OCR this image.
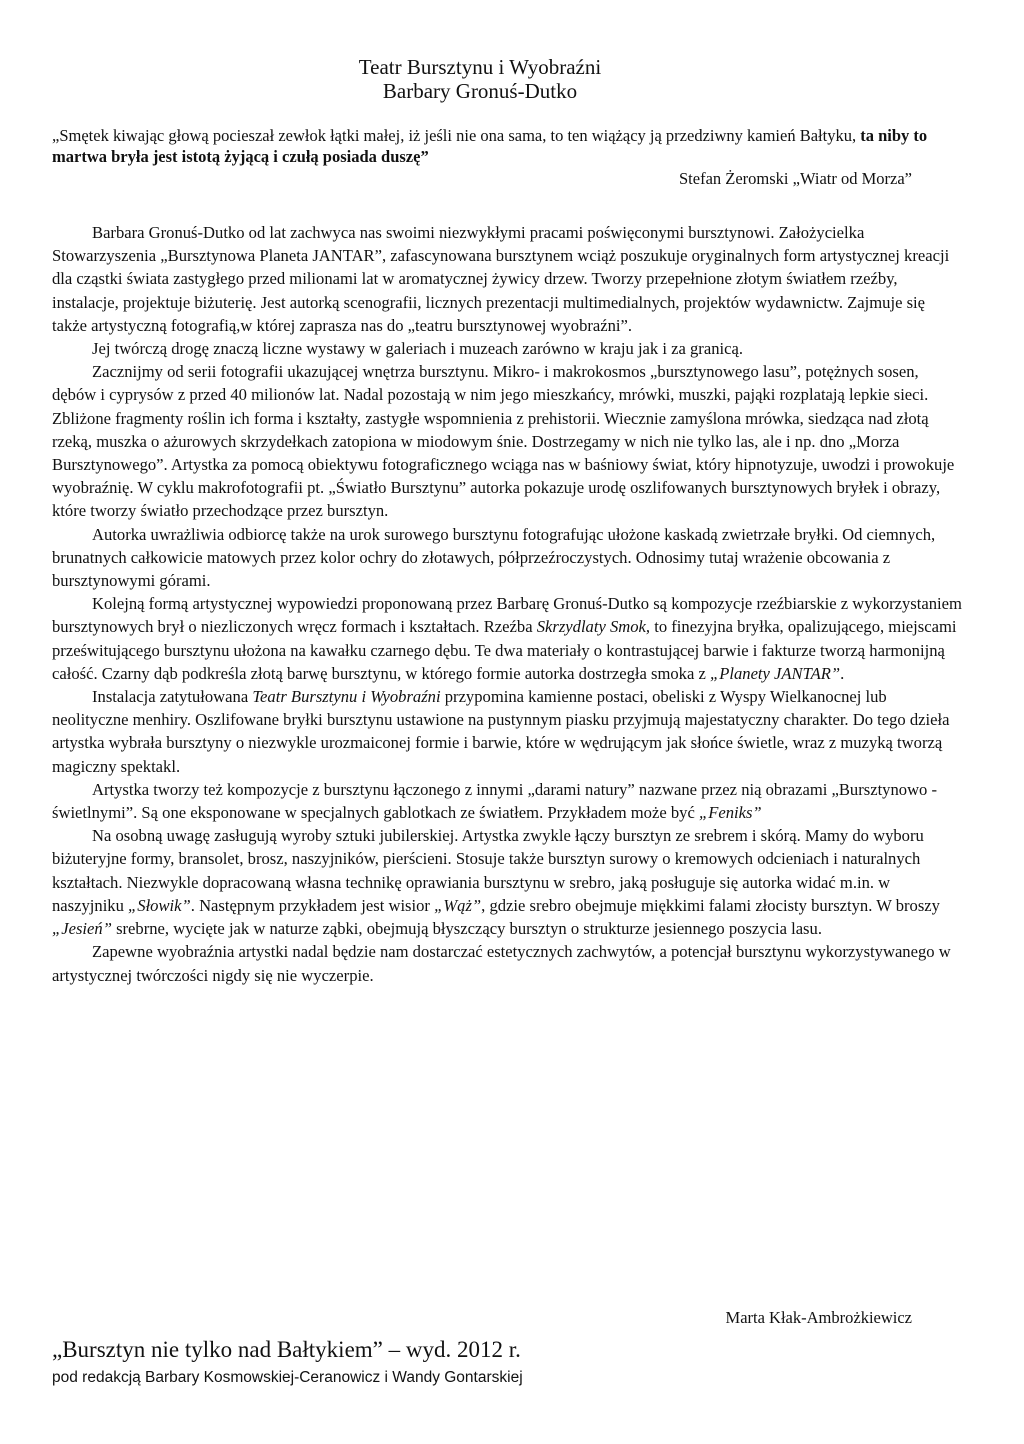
Teatr Bursztynu i Wyobraźni
Barbary Gronuś-Dutko
„Smętek kiwając głową pocieszał zewłok łątki małej, iż jeśli nie ona sama, to ten wiążący ją przedziwny kamień Bałtyku, ta niby to martwa bryła jest istotą żyjącą i czułą posiada duszę”
Stefan Żeromski „Wiatr od Morza”

Barbara Gronuś-Dutko od lat zachwyca nas swoimi niezwykłymi pracami poświęconymi bursztynowi. Założycielka Stowarzyszenia „Bursztynowa Planeta JANTAR”, zafascynowana bursztynem wciąż poszukuje oryginalnych form artystycznej kreacji dla cząstki świata zastygłego przed milionami lat w aromatycznej żywicy drzew. Tworzy przepełnione złotym światłem rzeźby, instalacje, projektuje biżuterię. Jest autorką scenografii, licznych prezentacji multimedialnych, projektów wydawnictw. Zajmuje się także artystyczną fotografią,w której zaprasza nas do „teatru bursztynowej wyobraźni”.

Jej twórczą drogę znaczą liczne wystawy w galeriach i muzeach zarówno w kraju jak i za granicą.

Zacznijmy od serii fotografii ukazującej wnętrza bursztynu. Mikro- i makrokosmos „bursztynowego lasu”, potężnych sosen, dębów i cyprysów z przed 40 milionów lat. Nadal pozostają w nim jego mieszkańcy, mrówki, muszki, pająki rozplatają lepkie sieci. Zbliżone fragmenty roślin ich forma i kształty, zastygłe wspomnienia z prehistorii. Wiecznie zamyślona mrówka, siedząca nad złotą rzeką, muszka o ażurowych skrzydełkach zatopiona w miodowym śnie. Dostrzegamy w nich nie tylko las, ale i np. dno „Morza Bursztynowego”. Artystka za pomocą obiektywu fotograficznego wciąga nas w baśniowy świat, który hipnotyzuje, uwodzi i prowokuje wyobraźnię. W cyklu makrofotografii pt. „Światło Bursztynu” autorka pokazuje urodę oszlifowanych bursztynowych bryłek i obrazy, które tworzy światło przechodzące przez bursztyn.

Autorka uwrażliwia odbiorcę także na urok surowego bursztynu fotografując ułożone kaskadą zwietrzałe bryłki. Od ciemnych, brunatnych całkowicie matowych przez kolor ochry do złotawych, półprzeźroczystych. Odnosimy tutaj wrażenie obcowania z bursztynowymi górami.

Kolejną formą artystycznej wypowiedzi proponowaną przez Barbarę Gronuś-Dutko są kompozycje rzeźbiarskie z wykorzystaniem bursztynowych brył o niezliczonych wręcz formach i kształtach. Rzeźba Skrzydlaty Smok, to finezyjna bryłka, opalizującego, miejscami prześwitującego bursztynu ułożona na kawałku czarnego dębu. Te dwa materiały o kontrastującej barwie i fakturze tworzą harmonijną całość. Czarny dąb podkreśla złotą barwę bursztynu, w którego formie autorka dostrzegła smoka z „Planety JANTAR”.

Instalacja zatytułowana Teatr Bursztynu i Wyobraźni przypomina kamienne postaci, obeliski z Wyspy Wielkanocnej lub neolityczne menhiry. Oszlifowane bryłki bursztynu ustawione na pustynnym piasku przyjmują majestatyczny charakter. Do tego dzieła artystka wybrała bursztyny o niezwykle urozmaiconej formie i barwie, które w wędrującym jak słońce świetle, wraz z muzyką tworzą magiczny spektakl.

Artystka tworzy też kompozycje z bursztynu łączonego z innymi „darami natury” nazwane przez nią obrazami „Bursztynowo - świetlnymi”. Są one eksponowane w specjalnych gablotkach ze światłem. Przykładem może być „Feniks”

Na osobną uwagę zasługują wyroby sztuki jubilerskiej. Artystka zwykle łączy bursztyn ze srebrem i skórą. Mamy do wyboru biżuteryjne formy, bransolet, brosz, naszyjników, pierścieni. Stosuje także bursztyn surowy o kremowych odcieniach i naturalnych kształtach. Niezwykle dopracowaną własna technikę oprawiania bursztynu w srebro, jaką posługuje się autorka widać m.in. w naszyjniku „Słowik”. Następnym przykładem jest wisior „Wąż”, gdzie srebro obejmuje miękkimi falami złocisty bursztyn. W broszy „Jesień” srebrne, wycięte jak w naturze ząbki, obejmują błyszczący bursztyn o strukturze jesiennego poszycia lasu.

Zapewne wyobraźnia artystki nadal będzie nam dostarczać estetycznych zachwytów, a potencjał bursztynu wykorzystywanego w artystycznej twórczości nigdy się nie wyczerpie.

Marta Kłak-Ambrożkiewicz
„Bursztyn nie tylko nad Bałtykiem” – wyd. 2012 r.
pod redakcją Barbary Kosmowskiej-Ceranowicz i Wandy Gontarskiej
